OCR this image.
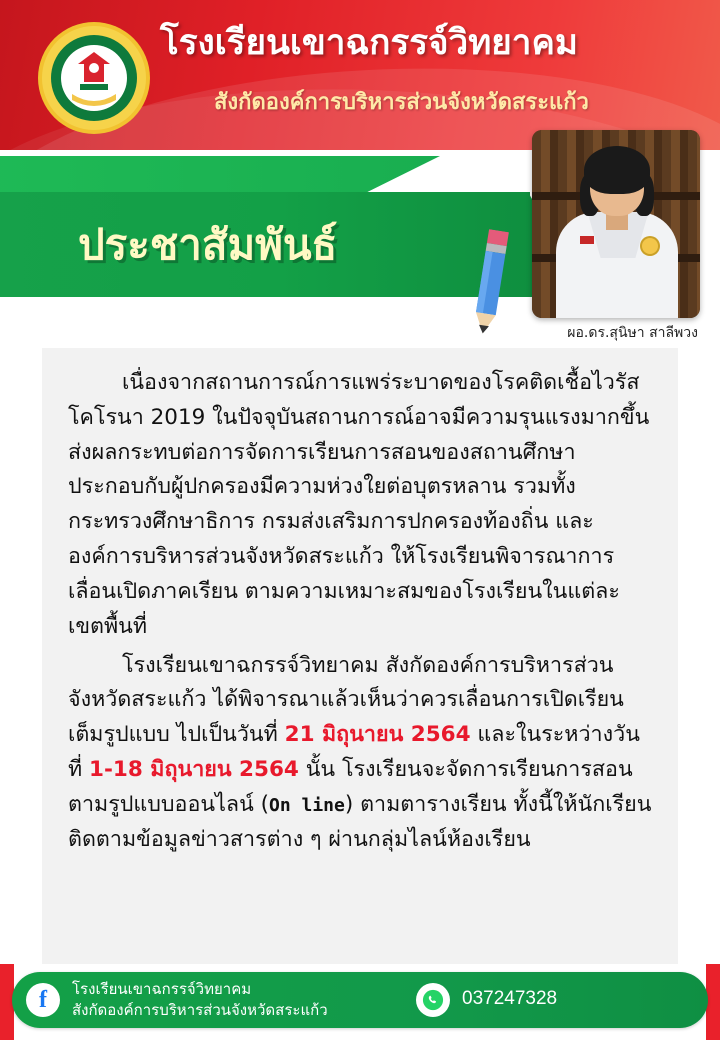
โรงเรียนเขาฉกรรจ์วิทยาคม
สังกัดองค์การบริหารส่วนจังหวัดสระแก้ว
ประชาสัมพันธ์
ผอ.ดร.สุนิษา สาลีพวง

เนื่องจากสถานการณ์การแพร่ระบาดของโรคติดเชื้อไวรัสโคโรนา 2019 ในปัจจุบันสถานการณ์อาจมีความรุนแรงมากขึ้น ส่งผลกระทบต่อการจัดการเรียนการสอนของสถานศึกษา ประกอบกับผู้ปกครองมีความห่วงใยต่อบุตรหลาน รวมทั้งกระทรวงศึกษาธิการ กรมส่งเสริมการปกครองท้องถิ่น และองค์การบริหารส่วนจังหวัดสระแก้ว ให้โรงเรียนพิจารณาการเลื่อนเปิดภาคเรียน ตามความเหมาะสมของโรงเรียนในแต่ละเขตพื้นที่

โรงเรียนเขาฉกรรจ์วิทยาคม สังกัดองค์การบริหารส่วนจังหวัดสระแก้ว ได้พิจารณาแล้วเห็นว่าควรเลื่อนการเปิดเรียนเต็มรูปแบบ ไปเป็นวันที่ 21 มิถุนายน 2564 และในระหว่างวันที่ 1-18 มิถุนายน 2564 นั้น โรงเรียนจะจัดการเรียนการสอนตามรูปแบบออนไลน์ (On line) ตามตารางเรียน ทั้งนี้ให้นักเรียนติดตามข้อมูลข่าวสารต่าง ๆ ผ่านกลุ่มไลน์ห้องเรียน

f	โรงเรียนเขาฉกรรจ์วิทยาคม
สังกัดองค์การบริหารส่วนจังหวัดสระแก้ว
037247328
